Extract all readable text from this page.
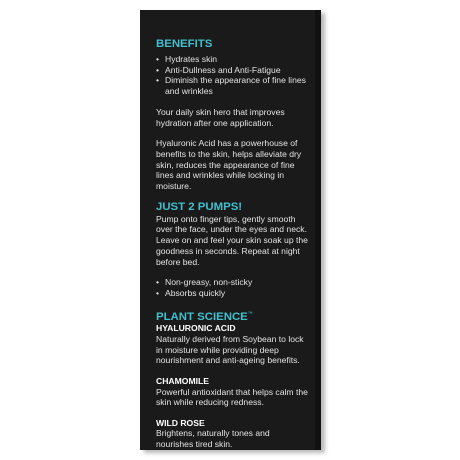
BENEFITS
• Hydrates skin
• Anti-Dullness and Anti-Fatigue
• Diminish the appearance of fine lines and wrinkles

Your daily skin hero that improves hydration after one application.

Hyaluronic Acid has a powerhouse of benefits to the skin, helps alleviate dry skin, reduces the appearance of fine lines and wrinkles while locking in moisture.

JUST 2 PUMPS!

Pump onto finger tips, gently smooth over the face, under the eyes and neck. Leave on and feel your skin soak up the goodness in seconds. Repeat at night before bed.

• Non-greasy, non-sticky
• Absorbs quickly
PLANT SCIENCE™
HYALURONIC ACID

Naturally derived from Soybean to lock in moisture while providing deep nourishment and anti-ageing benefits.

CHAMOMILE

Powerful antioxidant that helps calm the skin while reducing redness.

WILD ROSE

Brightens, naturally tones and nourishes tired skin.
